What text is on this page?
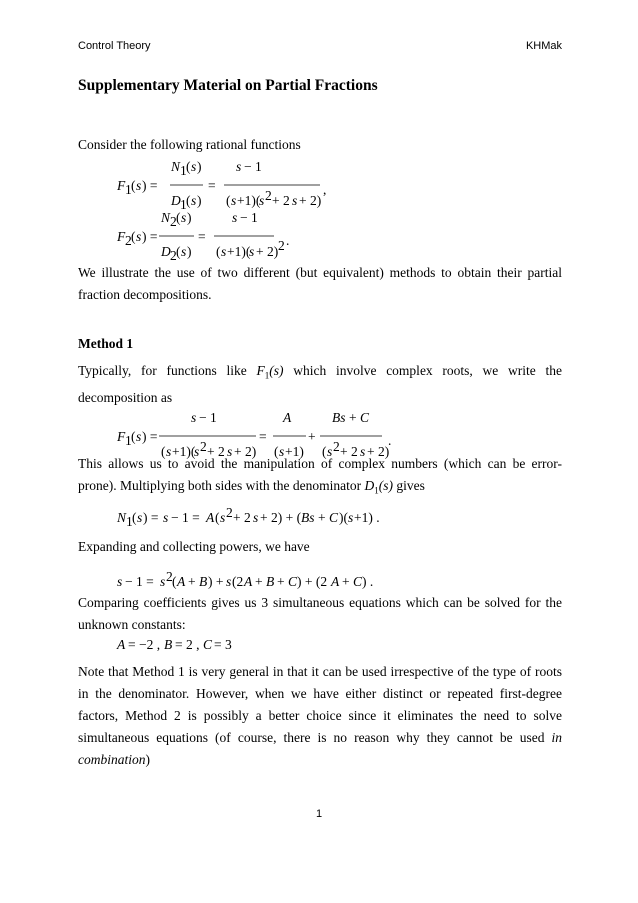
Control Theory	KHMak
Supplementary Material on Partial Fractions

Consider the following rational functions

F 1 ( s ) =
N 1 ( s )
D 1 ( s )
=
s − 1
( s +1)(
s 2 + 2 s + 2)
,
F 2 ( s ) =
N 2 ( s )
D 2 ( s )
=
s − 1
( s +1)(
s + 2) 2 .

We illustrate the use of two different (but equivalent) methods to obtain their partial fraction decompositions.

Method 1

Typically, for functions like $F_1(s)$ which involve complex roots, we write the decomposition as

F 1 ( s ) =
s − 1
( s +1)(
s 2 + 2 s + 2)
=
A
( s +1)
+
Bs + C
( s 2 + 2 s + 2)
.

This allows us to avoid the manipulation of complex numbers (which can be error-prone). Multiplying both sides with the denominator $D_1(s)$ gives

N 1 ( s ) = s − 1 = A ( s 2 + 2 s + 2) + ( Bs + C )( s +1) .

Expanding and collecting powers, we have

s − 1 = s 2 ( A + B ) + s (2 A + B + C ) + (2 A + C ) .

Comparing coefficients gives us 3 simultaneous equations which can be solved for the unknown constants:

A = −2 , B = 2 , C = 3

Note that Method 1 is very general in that it can be used irrespective of the type of roots in the denominator. However, when we have either distinct or repeated first-degree factors, Method 2 is possibly a better choice since it eliminates the need to solve simultaneous equations (of course, there is no reason why they cannot be used in combination)

1
